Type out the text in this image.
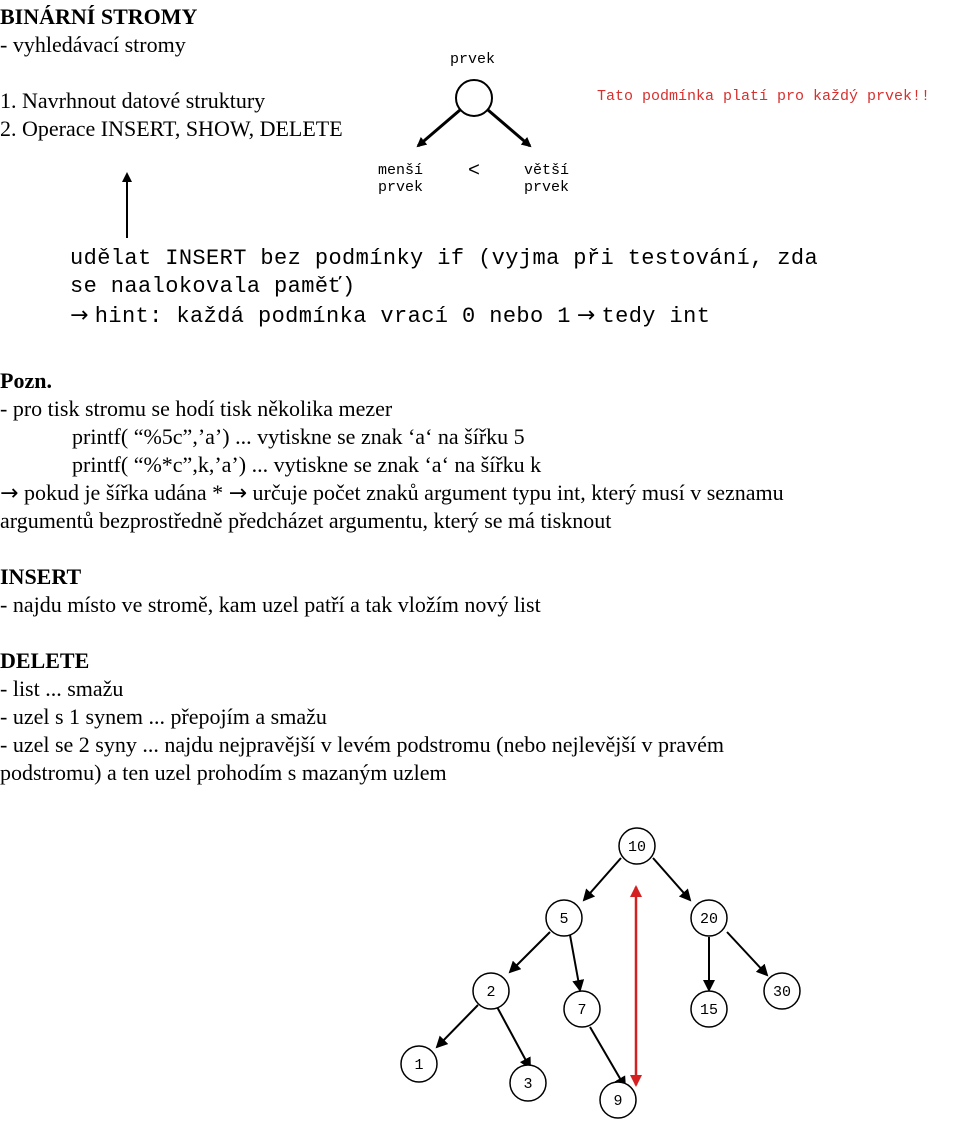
BINÁRNÍ STROMY
- vyhledávací stromy
1. Navrhnout datové struktury
2. Operace INSERT, SHOW, DELETE
prvek
menší
prvek
<	větší
prvek
Tato podmínka platí pro každý prvek!!
udělat INSERT bez podmínky if (vyjma při testování, zda
se naalokovala paměť)
→ hint: každá podmínka vrací 0 nebo 1 → tedy int
Pozn.
- pro tisk stromu se hodí tisk několika mezer
printf( “%5c”,’a’) ... vytiskne se znak ‘a‘ na šířku 5
printf( “%*c”,k,’a’) ... vytiskne se znak ‘a‘ na šířku k
→ pokud je šířka udána * → určuje počet znaků argument typu int, který musí v seznamu
argumentů bezprostředně předcházet argumentu, který se má tisknout
INSERT
- najdu místo ve stromě, kam uzel patří a tak vložím nový list
DELETE
- list ... smažu
- uzel s 1 synem ... přepojím a smažu
- uzel se 2 syny ... najdu nejpravější v levém podstromu (nebo nejlevější v pravém
podstromu) a ten uzel prohodím s mazaným uzlem
10
5	20
2
7	15
30
1
3
9
